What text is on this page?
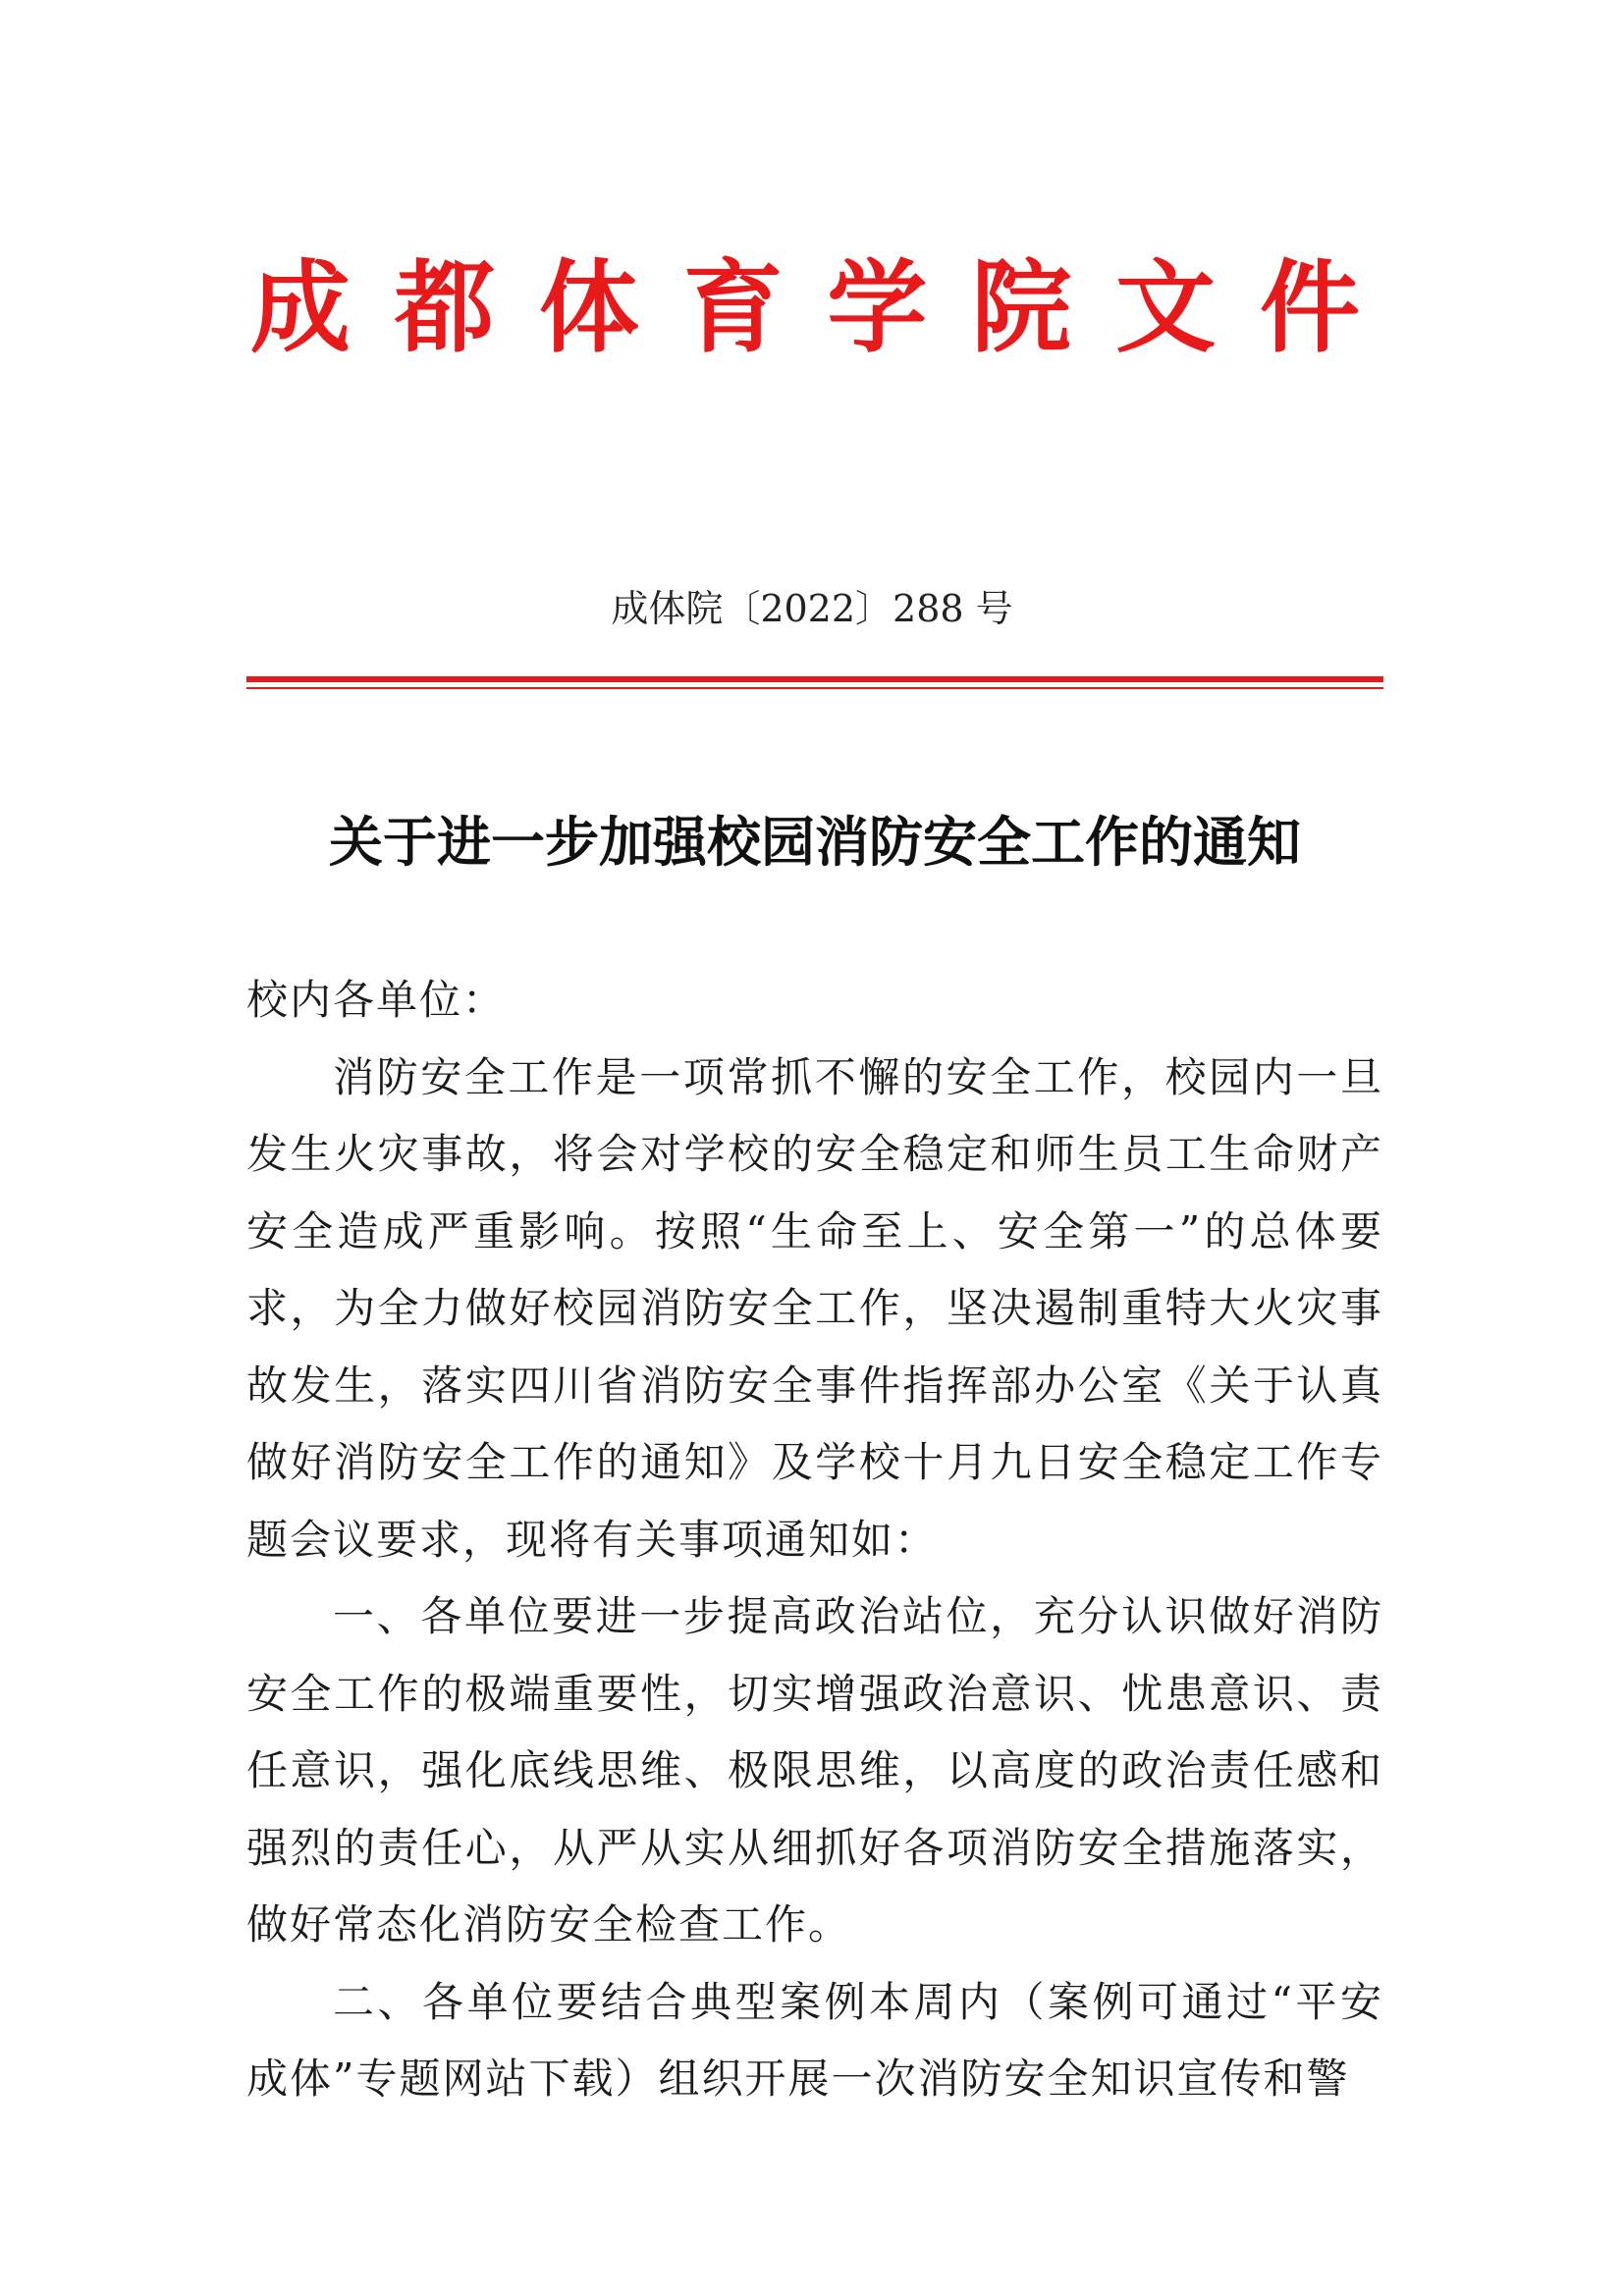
成 都 体 育 学 院 文 件
成体院〔2022〕288 号
关于进一步加强校园消防安全工作的通知

校内各单位：

消防安全工作是一项常抓不懈的安全工作，校园内一旦发生火灾事故，将会对学校的安全稳定和师生员工生命财产安全造成严重影响。按照“生命至上、安全第一”的总体要求，为全力做好校园消防安全工作，坚决遏制重特大火灾事故发生，落实四川省消防安全事件指挥部办公室《关于认真做好消防安全工作的通知》及学校十月九日安全稳定工作专题会议要求，现将有关事项通知如：

一、各单位要进一步提高政治站位，充分认识做好消防安全工作的极端重要性，切实增强政治意识、忧患意识、责任意识，强化底线思维、极限思维，以高度的政治责任感和强烈的责任心，从严从实从细抓好各项消防安全措施落实，做好常态化消防安全检查工作。

二、各单位要结合典型案例本周内（案例可通过“平安成体”专题网站下载）组织开展一次消防安全知识宣传和警
